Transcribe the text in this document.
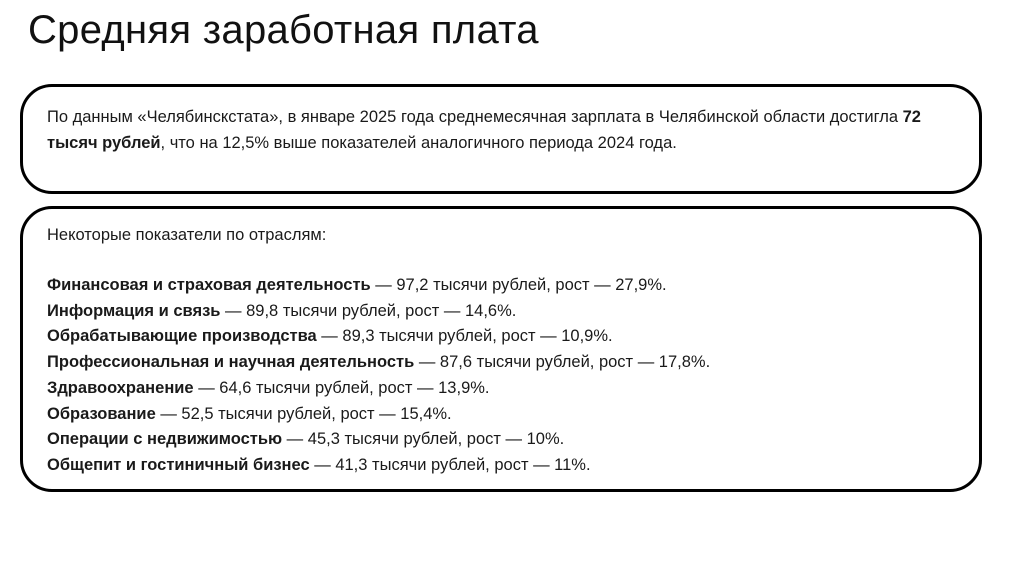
Средняя заработная плата

По данным «Челябинскстата», в январе 2025 года среднемесячная зарплата в Челябинской области достигла 72 тысяч рублей, что на 12,5% выше показателей аналогичного периода 2024 года.

Некоторые показатели по отраслям:

Финансовая и страховая деятельность — 97,2 тысячи рублей, рост — 27,9%.
Информация и связь — 89,8 тысячи рублей, рост — 14,6%.
Обрабатывающие производства — 89,3 тысячи рублей, рост — 10,9%.
Профессиональная и научная деятельность — 87,6 тысячи рублей, рост — 17,8%.
Здравоохранение — 64,6 тысячи рублей, рост — 13,9%.
Образование — 52,5 тысячи рублей, рост — 15,4%.
Операции с недвижимостью — 45,3 тысячи рублей, рост — 10%.
Общепит и гостиничный бизнес — 41,3 тысячи рублей, рост — 11%.
